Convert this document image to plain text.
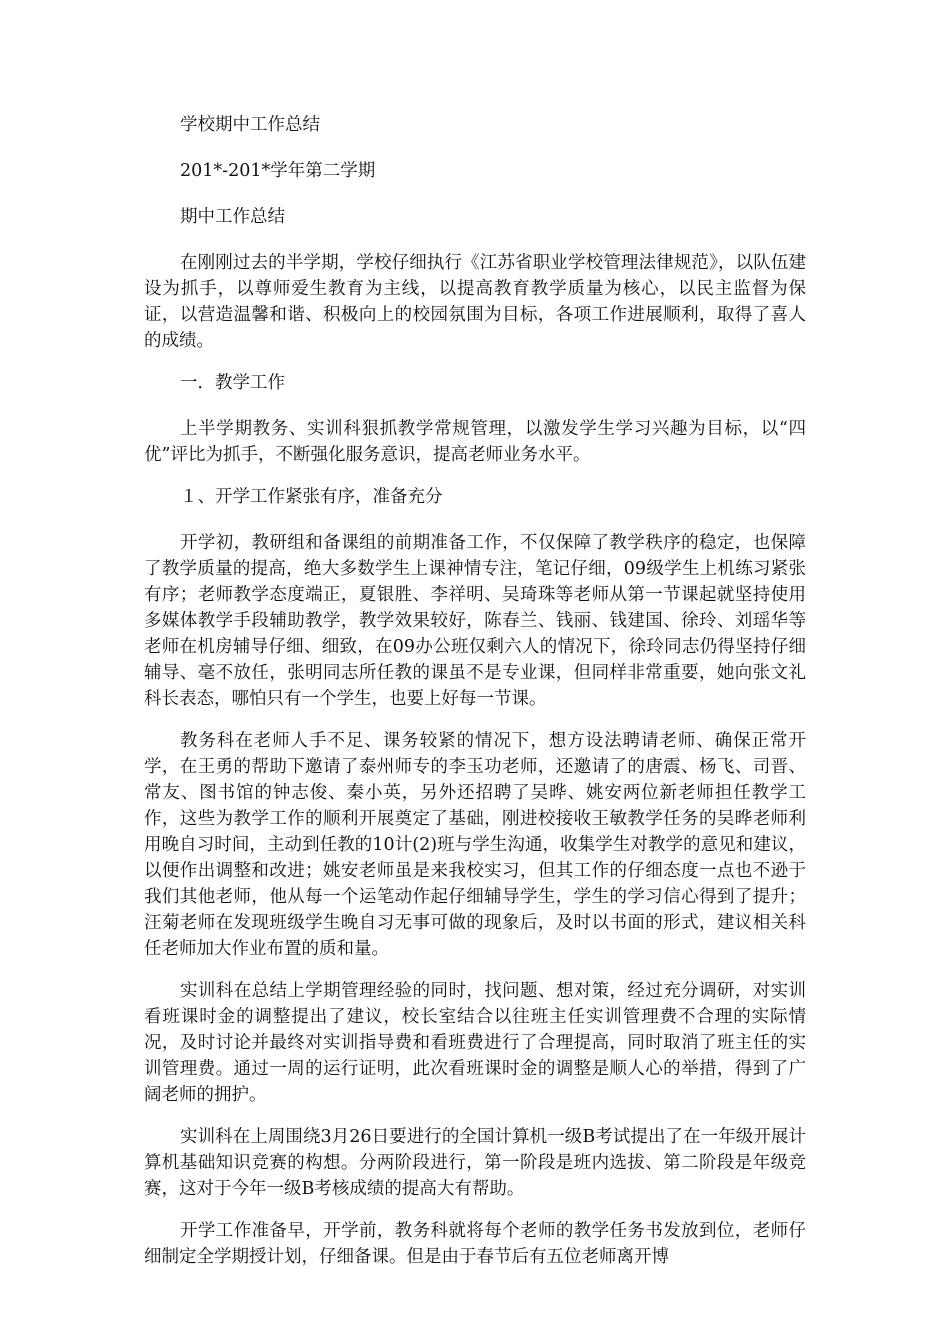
学校期中工作总结

201*-201*学年第二学期

期中工作总结

在刚刚过去的半学期，学校仔细执行《江苏省职业学校管理法律规范》，以队伍建设为抓手，以尊师爱生教育为主线，以提高教育教学质量为核心，以民主监督为保证，以营造温馨和谐、积极向上的校园氛围为目标，各项工作进展顺利，取得了喜人的成绩。

一．教学工作

上半学期教务、实训科狠抓教学常规管理，以激发学生学习兴趣为目标，以“四优”评比为抓手，不断强化服务意识，提高老师业务水平。

１、开学工作紧张有序，准备充分

开学初，教研组和备课组的前期准备工作，不仅保障了教学秩序的稳定，也保障了教学质量的提高，绝大多数学生上课神情专注，笔记仔细，09级学生上机练习紧张有序；老师教学态度端正，夏银胜、李祥明、吴琦珠等老师从第一节课起就坚持使用多媒体教学手段辅助教学，教学效果较好，陈春兰、钱丽、钱建国、徐玲、刘瑶华等老师在机房辅导仔细、细致，在09办公班仅剩六人的情况下，徐玲同志仍得坚持仔细辅导、毫不放任，张明同志所任教的课虽不是专业课，但同样非常重要，她向张文礼科长表态，哪怕只有一个学生，也要上好每一节课。

教务科在老师人手不足、课务较紧的情况下，想方设法聘请老师、确保正常开学，在王勇的帮助下邀请了泰州师专的李玉功老师，还邀请了的唐震、杨飞、司晋、常友、图书馆的钟志俊、秦小英，另外还招聘了吴晔、姚安两位新老师担任教学工作，这些为教学工作的顺利开展奠定了基础，刚进校接收王敏教学任务的吴晔老师利用晚自习时间，主动到任教的10计(2)班与学生沟通，收集学生对教学的意见和建议，以便作出调整和改进；姚安老师虽是来我校实习，但其工作的仔细态度一点也不逊于我们其他老师，他从每一个运笔动作起仔细辅导学生，学生的学习信心得到了提升；汪菊老师在发现班级学生晚自习无事可做的现象后，及时以书面的形式，建议相关科任老师加大作业布置的质和量。

实训科在总结上学期管理经验的同时，找问题、想对策，经过充分调研，对实训看班课时金的调整提出了建议，校长室结合以往班主任实训管理费不合理的实际情况，及时讨论并最终对实训指导费和看班费进行了合理提高，同时取消了班主任的实训管理费。通过一周的运行证明，此次看班课时金的调整是顺人心的举措，得到了广阔老师的拥护。

实训科在上周围绕3月26日要进行的全国计算机一级B考试提出了在一年级开展计算机基础知识竞赛的构想。分两阶段进行，第一阶段是班内选拔、第二阶段是年级竞赛，这对于今年一级B考核成绩的提高大有帮助。

开学工作准备早，开学前，教务科就将每个老师的教学任务书发放到位，老师仔细制定全学期授计划，仔细备课。但是由于春节后有五位老师离开博
